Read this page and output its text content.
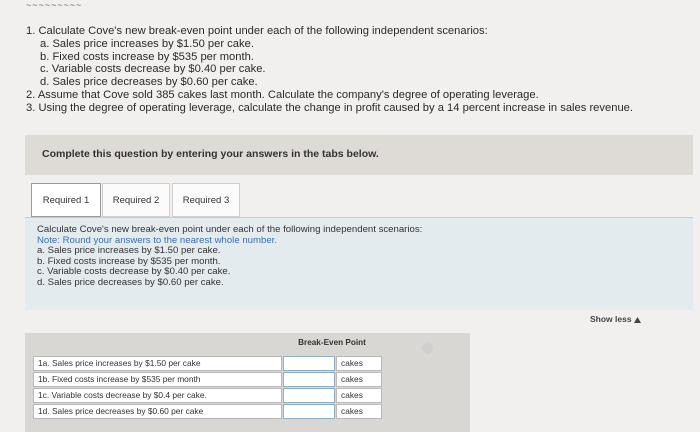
~~~~~~~~~
1. Calculate Cove's new break-even point under each of the following independent scenarios:
a. Sales price increases by $1.50 per cake.
b. Fixed costs increase by $535 per month.
c. Variable costs decrease by $0.40 per cake.
d. Sales price decreases by $0.60 per cake.
2. Assume that Cove sold 385 cakes last month. Calculate the company's degree of operating leverage.
3. Using the degree of operating leverage, calculate the change in profit caused by a 14 percent increase in sales revenue.
Complete this question by entering your answers in the tabs below.
Required 1	Required 2	Required 3
Calculate Cove's new break-even point under each of the following independent scenarios:
Note: Round your answers to the nearest whole number.
a. Sales price increases by $1.50 per cake.
b. Fixed costs increase by $535 per month.
c. Variable costs decrease by $0.40 per cake.
d. Sales price decreases by $0.60 per cake.
Show less
Break-Even Point
1a. Sales price increases by $1.50 per cake	cakes
1b. Fixed costs increase by $535 per month	cakes
1c. Variable costs decrease by $0.4 per cake.	cakes
1d. Sales price decreases by $0.60 per cake	cakes
